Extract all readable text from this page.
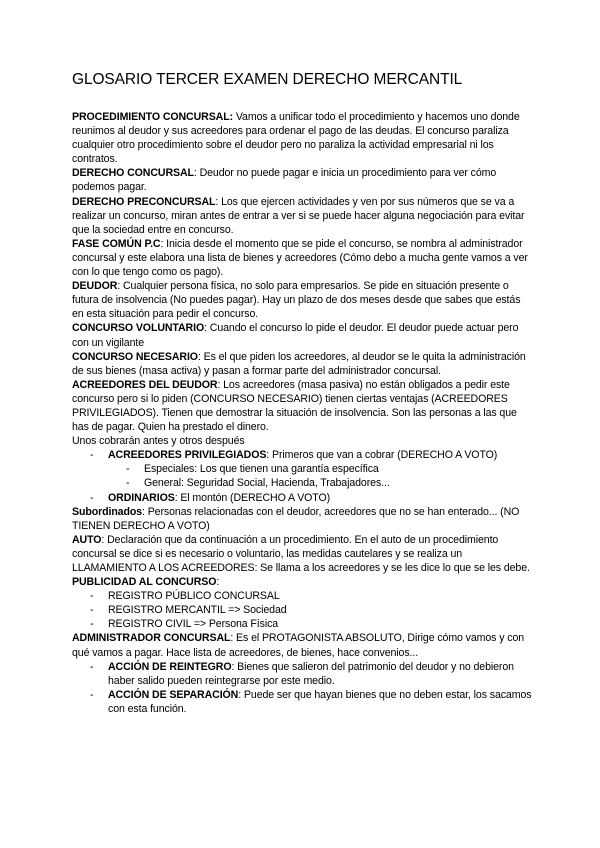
GLOSARIO TERCER EXAMEN DERECHO MERCANTIL

PROCEDIMIENTO CONCURSAL: Vamos a unificar todo el procedimiento y hacemos uno donde reunimos al deudor y sus acreedores para ordenar el pago de las deudas. El concurso paraliza cualquier otro procedimiento sobre el deudor pero no paraliza la actividad empresarial ni los contratos.

DERECHO CONCURSAL: Deudor no puede pagar e inicia un procedimiento para ver cómo podemos pagar.

DERECHO PRECONCURSAL: Los que ejercen actividades y ven por sus números que se va a realizar un concurso, miran antes de entrar a ver si se puede hacer alguna negociación para evitar que la sociedad entre en concurso.

FASE COMÚN P.C: Inicia desde el momento que se pide el concurso, se nombra al administrador concursal y este elabora una lista de bienes y acreedores (Cómo debo a mucha gente vamos a ver con lo que tengo como os pago).

DEUDOR: Cualquier persona física, no solo para empresarios. Se pide en situación presente o futura de insolvencia (No puedes pagar). Hay un plazo de dos meses desde que sabes que estás en esta situación para pedir el concurso.

CONCURSO VOLUNTARIO: Cuando el concurso lo pide el deudor. El deudor puede actuar pero con un vigilante

CONCURSO NECESARIO: Es el que piden los acreedores, al deudor se le quita la administración de sus bienes (masa activa) y pasan a formar parte del administrador concursal.

ACREEDORES DEL DEUDOR: Los acreedores (masa pasiva) no están obligados a pedir este concurso pero si lo piden (CONCURSO NECESARIO) tienen ciertas ventajas (ACREEDORES PRIVILEGIADOS). Tienen que demostrar la situación de insolvencia. Son las personas a las que has de pagar. Quien ha prestado el dinero.

Unos cobrarán antes y otros después

- ACREEDORES PRIVILEGIADOS: Primeros que van a cobrar (DERECHO A VOTO)
- Especiales: Los que tienen una garantía específica
- General: Seguridad Social, Hacienda, Trabajadores...
- ORDINARIOS: El montón (DERECHO A VOTO)

Subordinados: Personas relacionadas con el deudor, acreedores que no se han enterado... (NO TIENEN DERECHO A VOTO)

AUTO: Declaración que da continuación a un procedimiento. En el auto de un procedimiento concursal se dice si es necesario o voluntario, las medidas cautelares y se realiza un LLAMAMIENTO A LOS ACREEDORES: Se llama a los acreedores y se les dice lo que se les debe.

PUBLICIDAD AL CONCURSO:

- REGISTRO PÚBLICO CONCURSAL
- REGISTRO MERCANTIL => Sociedad
- REGISTRO CIVIL => Persona Física

ADMINISTRADOR CONCURSAL: Es el PROTAGONISTA ABSOLUTO, Dirige cómo vamos y con qué vamos a pagar. Hace lista de acreedores, de bienes, hace convenios...

- ACCIÓN DE REINTEGRO: Bienes que salieron del patrimonio del deudor y no debieron haber salido pueden reintegrarse por este medio.
- ACCIÓN DE SEPARACIÓN: Puede ser que hayan bienes que no deben estar, los sacamos con esta función.
